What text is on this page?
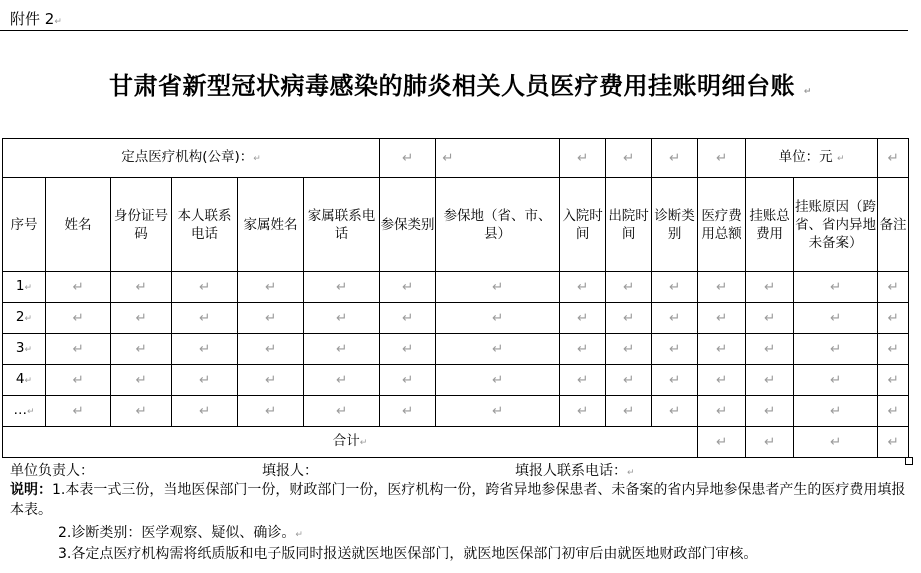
附件 2↵
甘肃省新型冠状病毒感染的肺炎相关人员医疗费用挂账明细台账 ↵
定点医疗机构(公章)：↵						↵	↵	↵	↵	↵	↵	单位：元 ↵		↵
序号	姓名	身份证号码	本人联系电话	家属姓名	家属联系电话	参保类别	参保地（省、市、县）	入院时间	出院时间	诊断类别	医疗费用总额	挂账总费用	挂账原因（跨省、省内异地未备案）	备注
1↵	↵	↵	↵	↵	↵	↵	↵	↵	↵	↵	↵	↵	↵	↵
2↵	↵	↵	↵	↵	↵	↵	↵	↵	↵	↵	↵	↵	↵	↵
3↵	↵	↵	↵	↵	↵	↵	↵	↵	↵	↵	↵	↵	↵	↵
4↵	↵	↵	↵	↵	↵	↵	↵	↵	↵	↵	↵	↵	↵	↵
…↵	↵	↵	↵	↵	↵	↵	↵	↵	↵	↵	↵	↵	↵	↵
合计↵											↵	↵	↵	↵
单位负责人：	填报人：	填报人联系电话：↵
说明：1.本表一式三份，当地医保部门一份，财政部门一份，医疗机构一份，跨省异地参保患者、未备案的省内异地参保患者产生的医疗费用填报本表。
2.诊断类别：医学观察、疑似、确诊。↵
3.各定点医疗机构需将纸质版和电子版同时报送就医地医保部门，就医地医保部门初审后由就医地财政部门审核。
